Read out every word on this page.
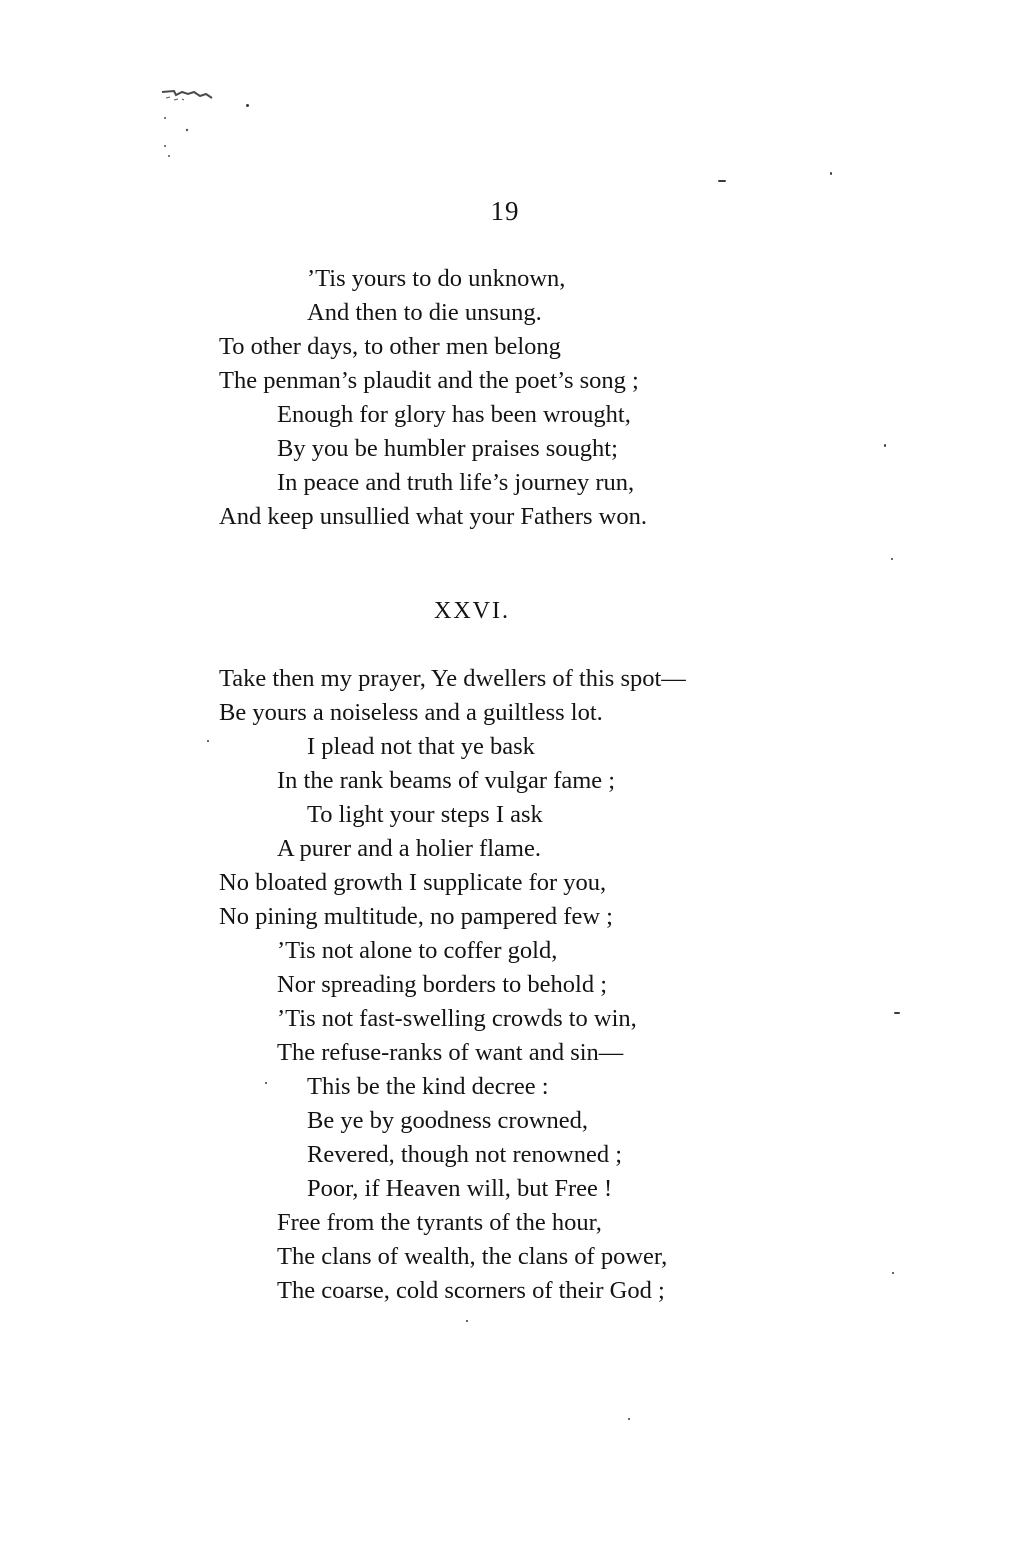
19
’Tis yours to do unknown,
And then to die unsung.
To other days, to other men belong
The penman’s plaudit and the poet’s song ;
Enough for glory has been wrought,
By you be humbler praises sought;
In peace and truth life’s journey run,
And keep unsullied what your Fathers won.
XXVI.
Take then my prayer, Ye dwellers of this spot—
Be yours a noiseless and a guiltless lot.
I plead not that ye bask
In the rank beams of vulgar fame ;
To light your steps I ask
A purer and a holier flame.
No bloated growth I supplicate for you,
No pining multitude, no pampered few ;
’Tis not alone to coffer gold,
Nor spreading borders to behold ;
’Tis not fast-swelling crowds to win,
The refuse-ranks of want and sin—
This be the kind decree :
Be ye by goodness crowned,
Revered, though not renowned ;
Poor, if Heaven will, but Free !
Free from the tyrants of the hour,
The clans of wealth, the clans of power,
The coarse, cold scorners of their God ;
